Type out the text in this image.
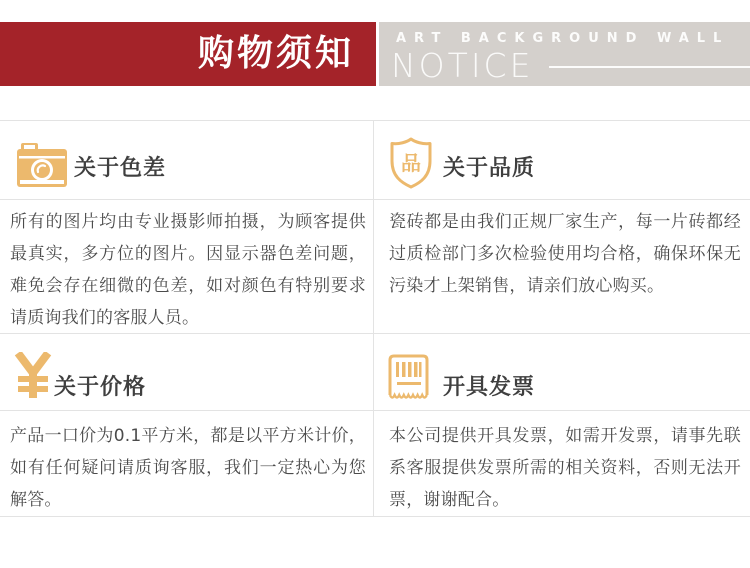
购物须知	ART BACKGROUND WALL
NOTICE
关于色差
所有的图片均由专业摄影师拍摄，为顾客提供最真实，多方位的图片。因显示器色差问题，难免会存在细微的色差，如对颜色有特别要求请质询我们的客服人员。
品 关于品质
瓷砖都是由我们正规厂家生产，每一片砖都经过质检部门多次检验使用均合格，确保环保无污染才上架销售，请亲们放心购买。
关于价格
产品一口价为0.1平方米，都是以平方米计价，如有任何疑问请质询客服，我们一定热心为您解答。
开具发票
本公司提供开具发票，如需开发票，请事先联系客服提供发票所需的相关资料，否则无法开票，谢谢配合。
